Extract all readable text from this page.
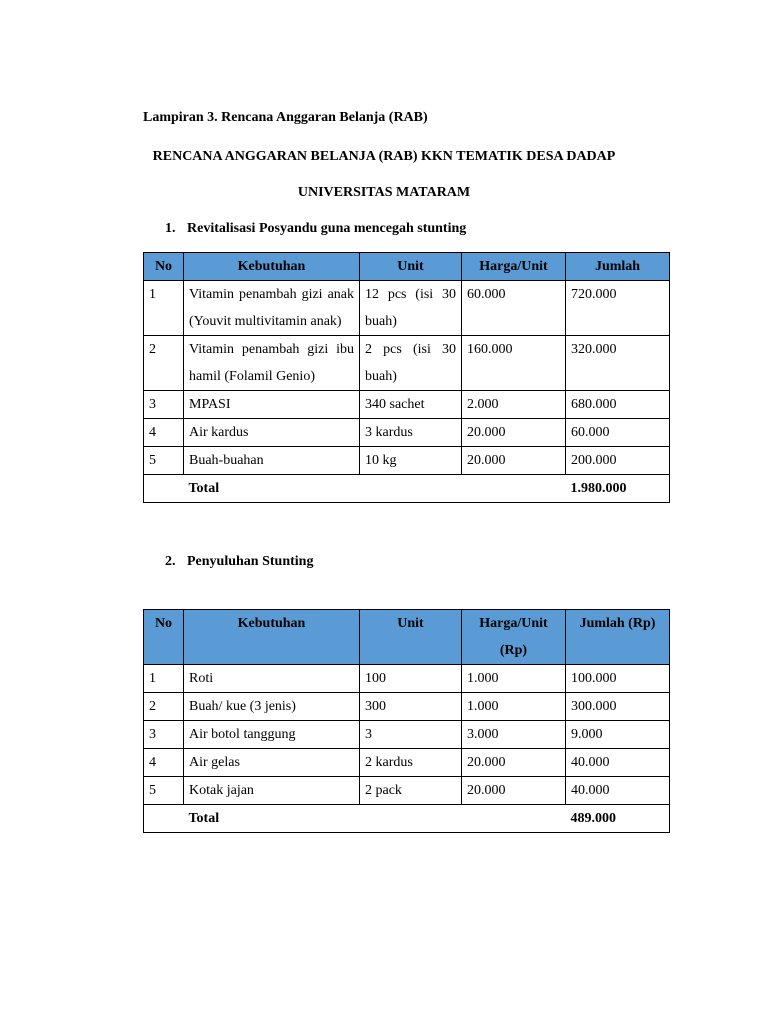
Lampiran 3. Rencana Anggaran Belanja (RAB)
RENCANA ANGGARAN BELANJA (RAB) KKN TEMATIK DESA DADAP
UNIVERSITAS MATARAM
1. Revitalisasi Posyandu guna mencegah stunting
No	Kebutuhan	Unit	Harga/Unit	Jumlah
1	Vitamin penambah gizi anak (Youvit multivitamin anak)	12 pcs (isi 30 buah)	60.000	720.000
2	Vitamin penambah gizi ibu hamil (Folamil Genio)	2 pcs (isi 30 buah)	160.000	320.000
3	MPASI	340 sachet	2.000	680.000
4	Air kardus	3 kardus	20.000	60.000
5	Buah-buahan	10 kg	20.000	200.000
	Total			1.980.000
2. Penyuluhan Stunting
No	Kebutuhan	Unit	Harga/Unit (Rp)	Jumlah (Rp)
1	Roti	100	1.000	100.000
2	Buah/ kue (3 jenis)	300	1.000	300.000
3	Air botol tanggung	3	3.000	9.000
4	Air gelas	2 kardus	20.000	40.000
5	Kotak jajan	2 pack	20.000	40.000
	Total			489.000
